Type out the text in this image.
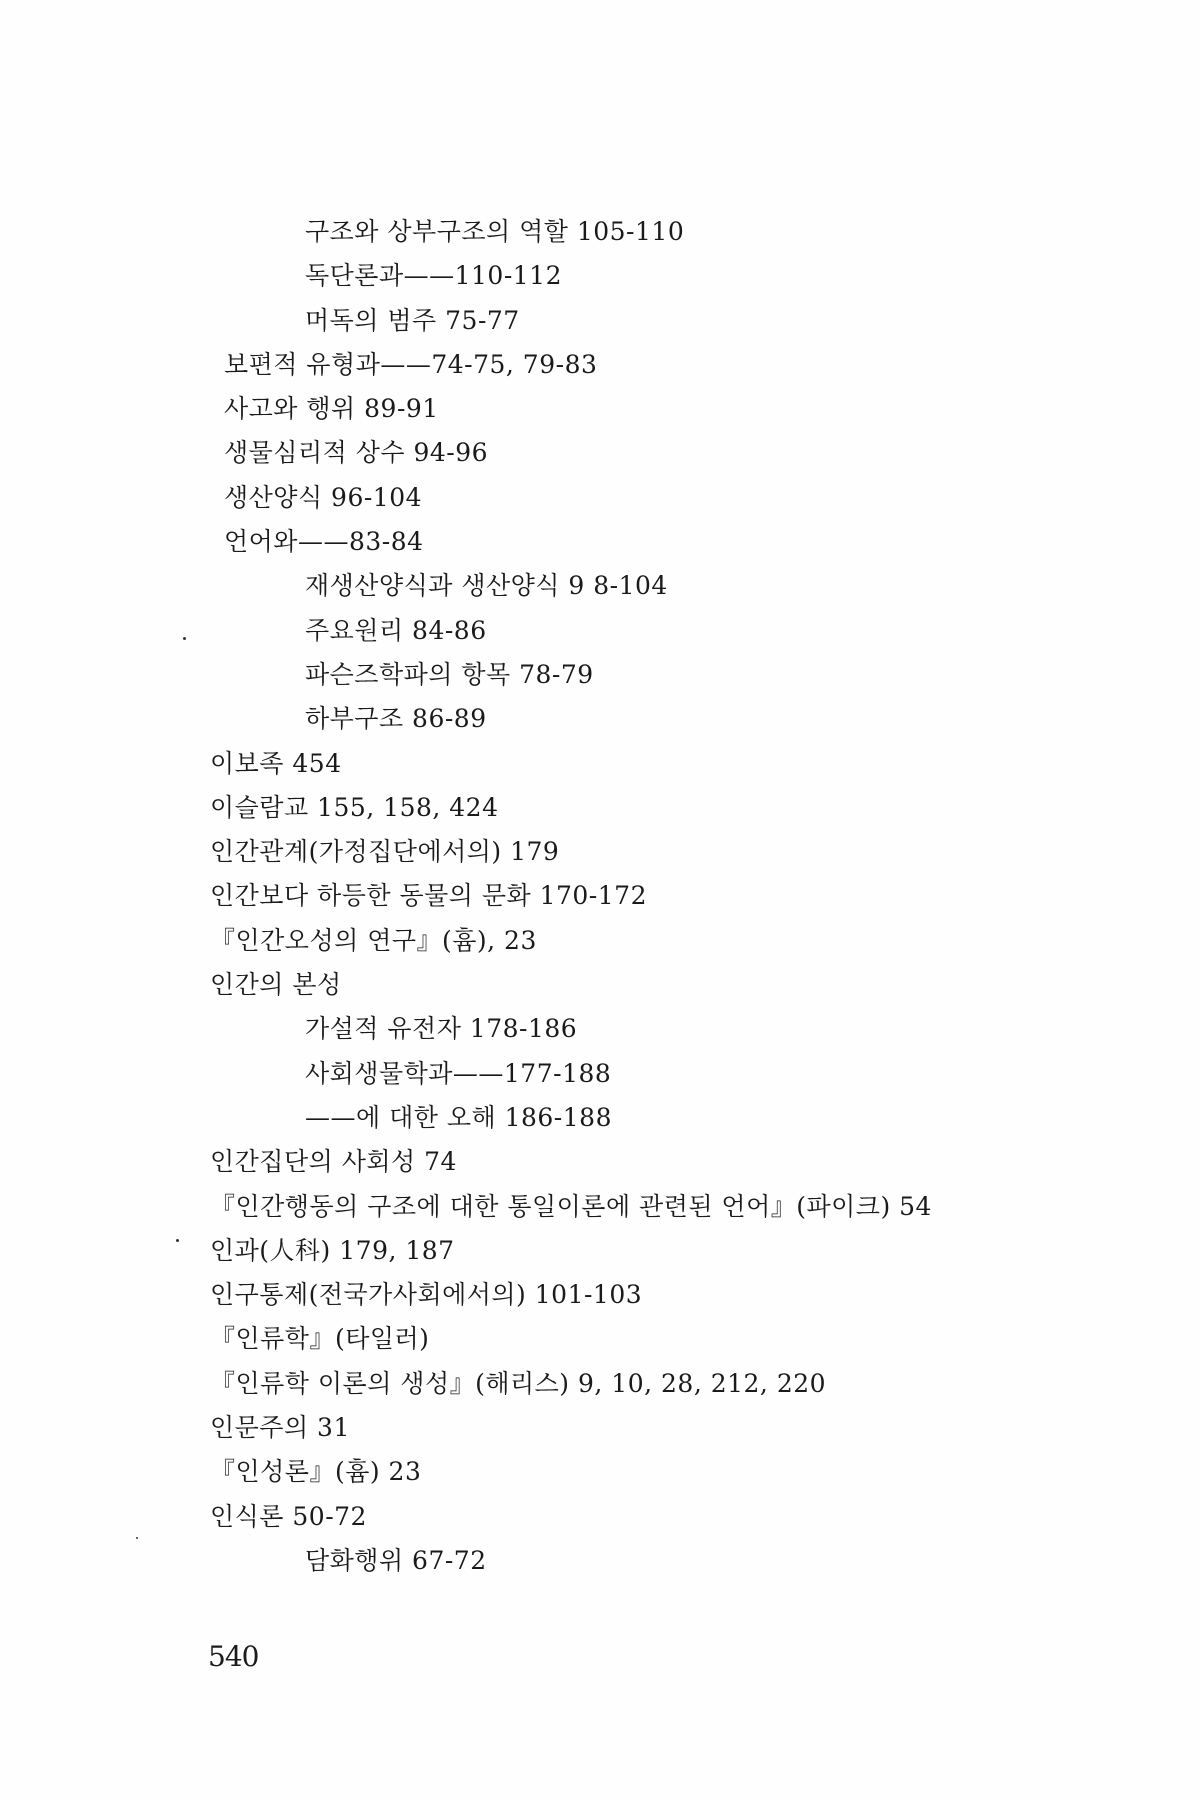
구조와 상부구조의 역할 105-110
독단론과——110-112
머독의 범주 75-77
보편적 유형과——74-75, 79-83
사고와 행위 89-91
생물심리적 상수 94-96
생산양식 96-104
언어와——83-84
재생산양식과 생산양식 9 8-104
주요원리 84-86
파슨즈학파의 항목 78-79
하부구조 86-89
이보족 454
이슬람교 155, 158, 424
인간관계(가정집단에서의) 179
인간보다 하등한 동물의 문화 170-172
『인간오성의 연구』(흄), 23
인간의 본성
가설적 유전자 178-186
사회생물학과——177-188
——에 대한 오해 186-188
인간집단의 사회성 74
『인간행동의 구조에 대한 통일이론에 관련된 언어』(파이크) 54
인과(人科) 179, 187
인구통제(전국가사회에서의) 101-103
『인류학』(타일러)
『인류학 이론의 생성』(해리스) 9, 10, 28, 212, 220
인문주의 31
『인성론』(흄) 23
인식론 50-72
담화행위 67-72
540
